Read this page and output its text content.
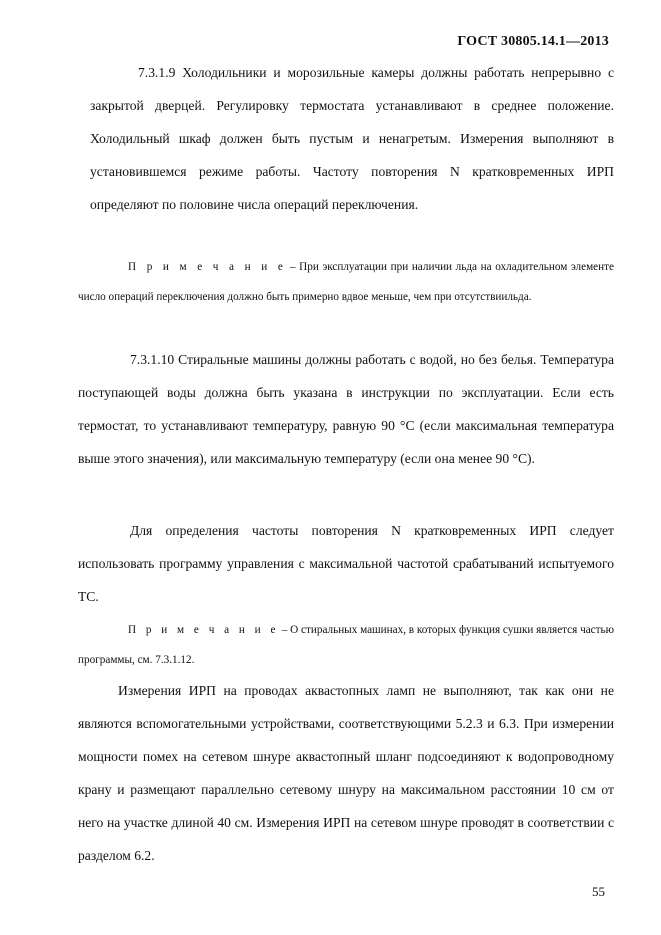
ГОСТ 30805.14.1—2013
7.3.1.9 Холодильники и морозильные камеры должны работать непрерывно с закрытой дверцей. Регулировку термостата устанавливают в среднее положение. Холодильный шкаф должен быть пустым и ненагретым. Измерения выполняют в установившемся режиме работы. Частоту повторения N кратковременных ИРП определяют по половине числа операций переключения.
П р и м е ч а н и е – При эксплуатации при наличии льда на охладительном элементе число операций переключения должно быть примерно вдвое меньше, чем при отсутствиильда.
7.3.1.10 Стиральные машины должны работать с водой, но без белья. Температура поступающей воды должна быть указана в инструкции по эксплуатации. Если есть термостат, то устанавливают температуру, равную 90 °С (если максимальная температура выше этого значения), или максимальную температуру (если она менее 90 °С).
Для определения частоты повторения N кратковременных ИРП следует использовать программу управления с максимальной частотой срабатываний испытуемого ТС.
П р и м е ч а н и е – О стиральных машинах, в которых функция сушки является частью программы, см. 7.3.1.12.
Измерения ИРП на проводах аквастопных ламп не выполняют, так как они не являются вспомогательными устройствами, соответствующими 5.2.3 и 6.3. При измерении мощности помех на сетевом шнуре аквастопный шланг подсоединяют к водопроводному крану и размещают параллельно сетевому шнуру на максимальном расстоянии 10 см от него на участке длиной 40 см. Измерения ИРП на сетевом шнуре проводят в соответствии с разделом 6.2.
55
